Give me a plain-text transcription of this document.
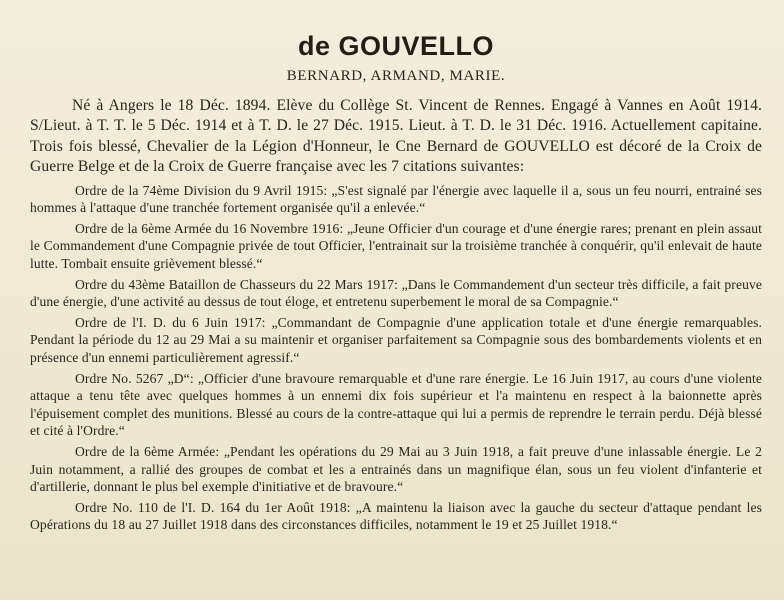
de GOUVELLO
BERNARD, ARMAND, MARIE.

Né à Angers le 18 Déc. 1894. Elève du Collège St. Vincent de Rennes. Engagé à Vannes en Août 1914. S/Lieut. à T. T. le 5 Déc. 1914 et à T. D. le 27 Déc. 1915. Lieut. à T. D. le 31 Déc. 1916. Actuellement capitaine. Trois fois blessé, Chevalier de la Légion d'Honneur, le Cne Bernard de GOUVELLO est décoré de la Croix de Guerre Belge et de la Croix de Guerre française avec les 7 citations suivantes:

Ordre de la 74ème Division du 9 Avril 1915: „S'est signalé par l'énergie avec laquelle il a, sous un feu nourri, entrainé ses hommes à l'attaque d'une tranchée fortement organisée qu'il a enlevée.“

Ordre de la 6ème Armée du 16 Novembre 1916: „Jeune Officier d'un courage et d'une énergie rares; prenant en plein assaut le Commandement d'une Compagnie privée de tout Officier, l'entrainait sur la troisième tranchée à conquérir, qu'il enlevait de haute lutte. Tombait ensuite grièvement blessé.“

Ordre du 43ème Bataillon de Chasseurs du 22 Mars 1917: „Dans le Commandement d'un secteur très difficile, a fait preuve d'une énergie, d'une activité au dessus de tout éloge, et entretenu superbement le moral de sa Compagnie.“

Ordre de l'I. D. du 6 Juin 1917: „Commandant de Compagnie d'une application totale et d'une énergie remarquables. Pendant la période du 12 au 29 Mai a su maintenir et organiser parfaitement sa Compagnie sous des bombardements violents et en présence d'un ennemi particulièrement agressif.“

Ordre No. 5267 „D“: „Officier d'une bravoure remarquable et d'une rare énergie. Le 16 Juin 1917, au cours d'une violente attaque a tenu tête avec quelques hommes à un ennemi dix fois supérieur et l'a maintenu en respect à la baionnette après l'épuisement complet des munitions. Blessé au cours de la contre-attaque qui lui a permis de reprendre le terrain perdu. Déjà blessé et cité à l'Ordre.“

Ordre de la 6ème Armée: „Pendant les opérations du 29 Mai au 3 Juin 1918, a fait preuve d'une inlassable énergie. Le 2 Juin notamment, a rallié des groupes de combat et les a entrainés dans un magnifique élan, sous un feu violent d'infanterie et d'artillerie, donnant le plus bel exemple d'initiative et de bravoure.“

Ordre No. 110 de l'I. D. 164 du 1er Août 1918: „A maintenu la liaison avec la gauche du secteur d'attaque pendant les Opérations du 18 au 27 Juillet 1918 dans des circonstances difficiles, notamment le 19 et 25 Juillet 1918.“
